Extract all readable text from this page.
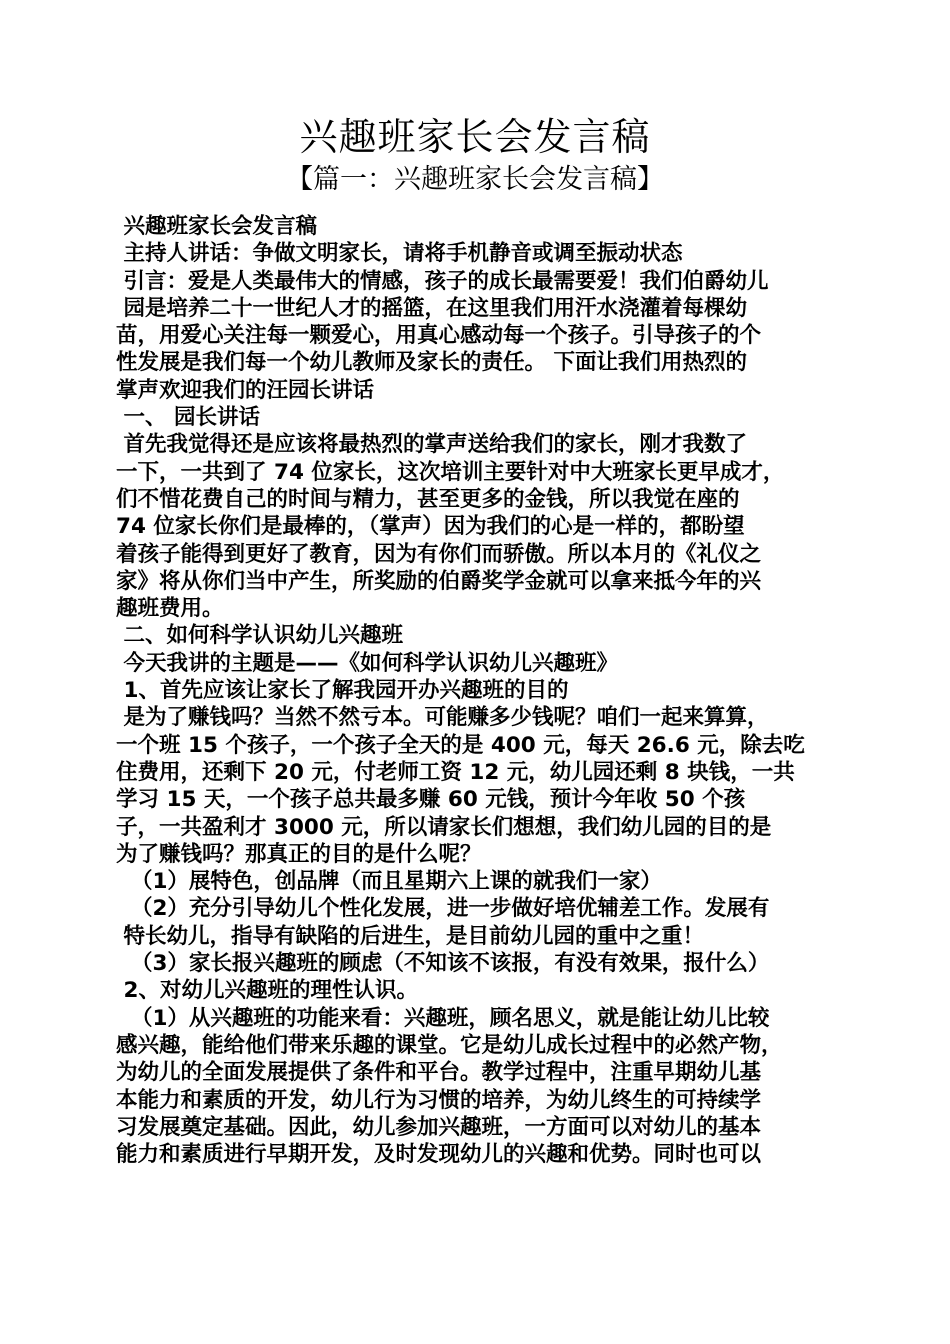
兴趣班家长会发言稿
【篇一：兴趣班家长会发言稿】
兴趣班家长会发言稿
主持人讲话：争做文明家长，请将手机静音或调至振动状态
引言：爱是人类最伟大的情感，孩子的成长最需要爱！我们伯爵幼儿
园是培养二十一世纪人才的摇篮，在这里我们用汗水浇灌着每棵幼
苗，用爱心关注每一颗爱心，用真心感动每一个孩子。引导孩子的个
性发展是我们每一个幼儿教师及家长的责任。 下面让我们用热烈的
掌声欢迎我们的汪园长讲话
一、 园长讲话
首先我觉得还是应该将最热烈的掌声送给我们的家长，刚才我数了
一下，一共到了 74 位家长，这次培训主要针对中大班家长更早成才，
们不惜花费自己的时间与精力，甚至更多的金钱，所以我觉在座的
74 位家长你们是最棒的，（掌声）因为我们的心是一样的，都盼望
着孩子能得到更好了教育，因为有你们而骄傲。所以本月的《礼仪之
家》将从你们当中产生，所奖励的伯爵奖学金就可以拿来抵今年的兴
趣班费用。
二、如何科学认识幼儿兴趣班
今天我讲的主题是——《如何科学认识幼儿兴趣班》
1、首先应该让家长了解我园开办兴趣班的目的
是为了赚钱吗？当然不然亏本。可能赚多少钱呢？咱们一起来算算，
一个班 15 个孩子，一个孩子全天的是 400 元，每天 26.6 元，除去吃
住费用，还剩下 20 元，付老师工资 12 元，幼儿园还剩 8 块钱，一共
学习 15 天，一个孩子总共最多赚 60 元钱，预计今年收 50 个孩
子，一共盈利才 3000 元，所以请家长们想想，我们幼儿园的目的是
为了赚钱吗？那真正的目的是什么呢？
（1）展特色，创品牌（而且星期六上课的就我们一家）
（2）充分引导幼儿个性化发展，进一步做好培优辅差工作。发展有
特长幼儿，指导有缺陷的后进生，是目前幼儿园的重中之重！
（3）家长报兴趣班的顾虑（不知该不该报，有没有效果，报什么）
2、对幼儿兴趣班的理性认识。
（1）从兴趣班的功能来看：兴趣班，顾名思义，就是能让幼儿比较
感兴趣，能给他们带来乐趣的课堂。它是幼儿成长过程中的必然产物，
为幼儿的全面发展提供了条件和平台。教学过程中，注重早期幼儿基
本能力和素质的开发，幼儿行为习惯的培养，为幼儿终生的可持续学
习发展奠定基础。因此，幼儿参加兴趣班，一方面可以对幼儿的基本
能力和素质进行早期开发，及时发现幼儿的兴趣和优势。同时也可以
